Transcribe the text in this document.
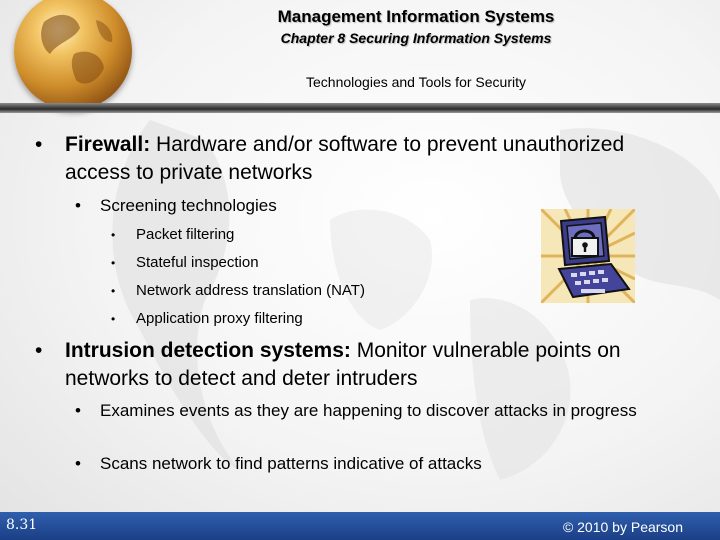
Management Information Systems
Chapter 8 Securing Information Systems
Technologies and Tools for Security
• Firewall: Hardware and/or software to prevent unauthorized access to private networks
• Screening technologies
• Packet filtering
• Stateful inspection
• Network address translation (NAT)
• Application proxy filtering
• Intrusion detection systems: Monitor vulnerable points on networks to detect and deter intruders
• Examines events as they are happening to discover attacks in progress
• Scans network to find patterns indicative of attacks
8.31	© 2010 by Pearson
